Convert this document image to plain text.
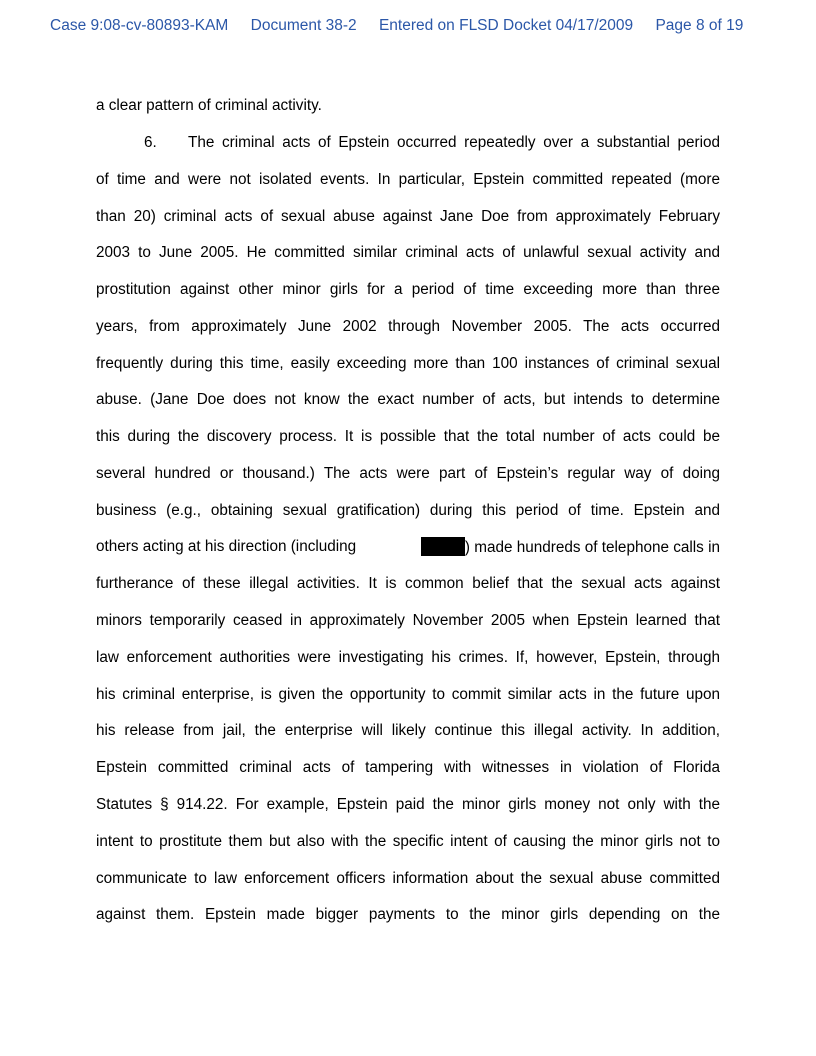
Case 9:08-cv-80893-KAM Document 38-2 Entered on FLSD Docket 04/17/2009 Page 8 of 19
a clear pattern of criminal activity.
6. The criminal acts of Epstein occurred repeatedly over a substantial period
of time and were not isolated events. In particular, Epstein committed repeated (more
than 20) criminal acts of sexual abuse against Jane Doe from approximately February
2003 to June 2005. He committed similar criminal acts of unlawful sexual activity and
prostitution against other minor girls for a period of time exceeding more than three
years, from approximately June 2002 through November 2005. The acts occurred
frequently during this time, easily exceeding more than 100 instances of criminal sexual
abuse. (Jane Doe does not know the exact number of acts, but intends to determine
this during the discovery process. It is possible that the total number of acts could be
several hundred or thousand.) The acts were part of Epstein’s regular way of doing
business (e.g., obtaining sexual gratification) during this period of time. Epstein and
others acting at his direction (including	) made hundreds of telephone calls in
furtherance of these illegal activities. It is common belief that the sexual acts against
minors temporarily ceased in approximately November 2005 when Epstein learned that
law enforcement authorities were investigating his crimes. If, however, Epstein, through
his criminal enterprise, is given the opportunity to commit similar acts in the future upon
his release from jail, the enterprise will likely continue this illegal activity. In addition,
Epstein committed criminal acts of tampering with witnesses in violation of Florida
Statutes § 914.22. For example, Epstein paid the minor girls money not only with the
intent to prostitute them but also with the specific intent of causing the minor girls not to
communicate to law enforcement officers information about the sexual abuse committed
against them. Epstein made bigger payments to the minor girls depending on the
